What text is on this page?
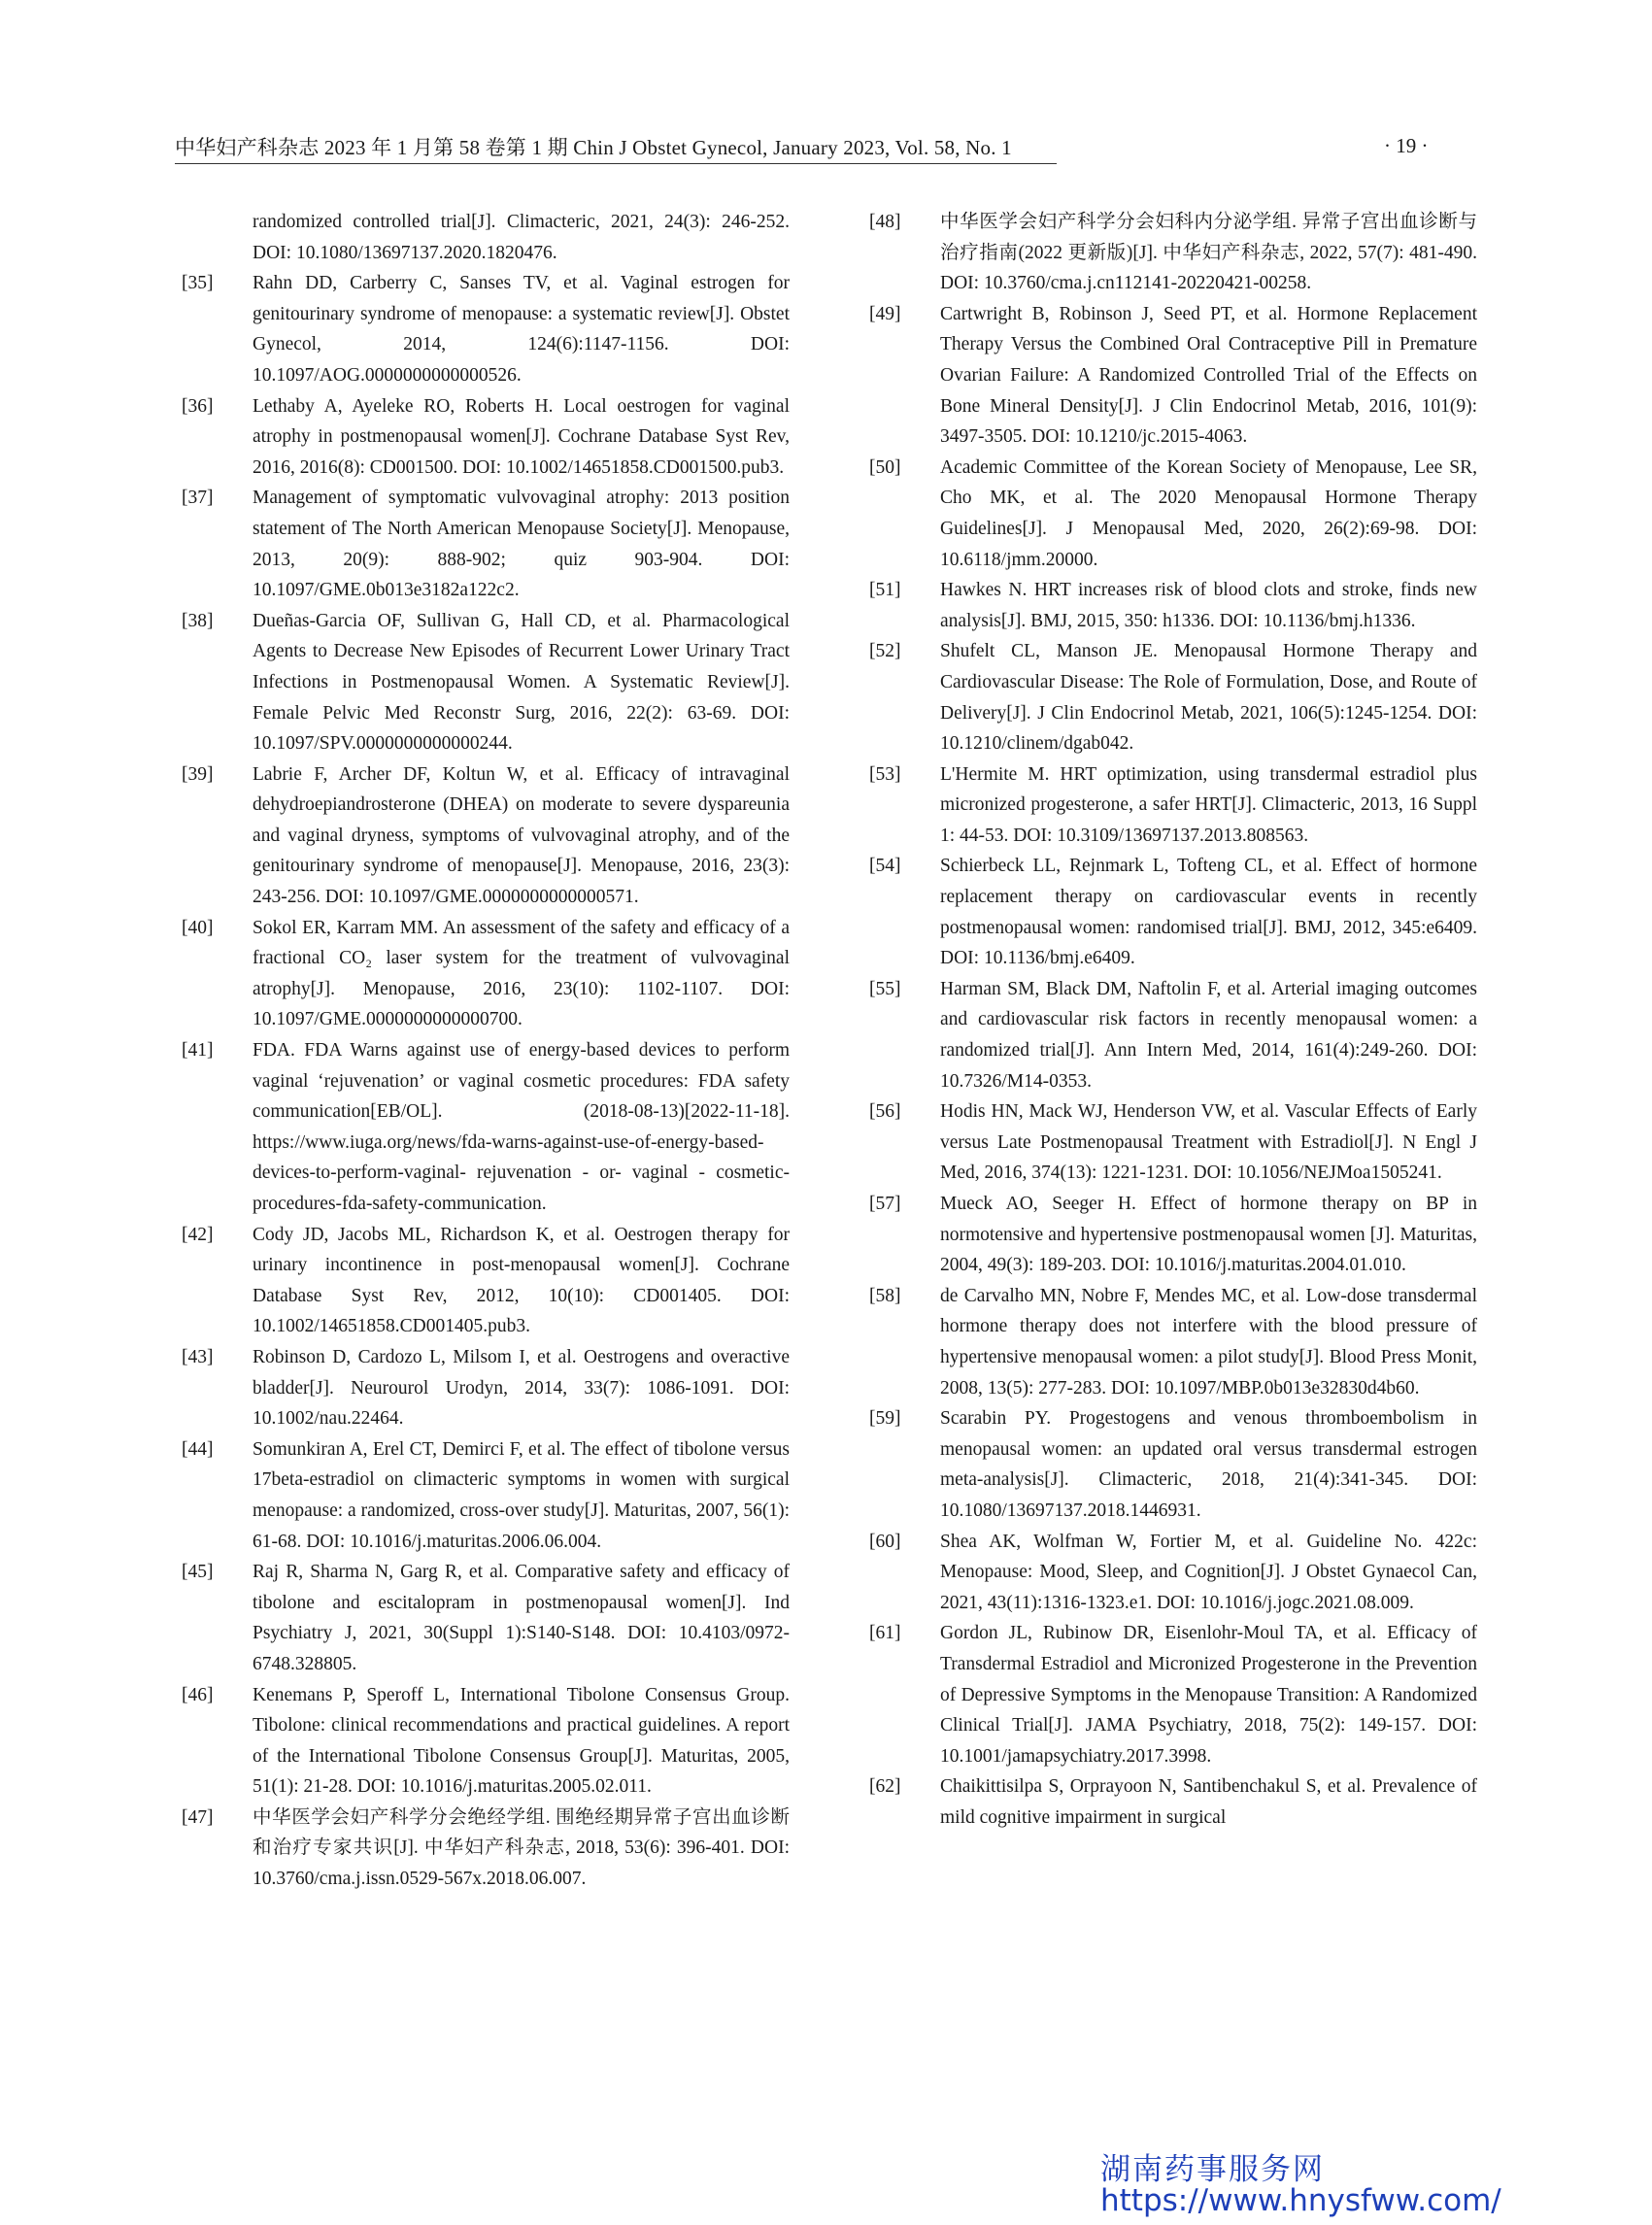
中华妇产科杂志 2023 年 1 月第 58 卷第 1 期 Chin J Obstet Gynecol, January 2023, Vol. 58, No. 1	· 19 ·
randomized controlled trial[J]. Climacteric, 2021, 24(3): 246-252. DOI: 10.1080/13697137.2020.1820476.
[35] Rahn DD, Carberry C, Sanses TV, et al. Vaginal estrogen for genitourinary syndrome of menopause: a systematic review[J]. Obstet Gynecol, 2014, 124(6):1147-1156. DOI: 10.1097/AOG.0000000000000526.
[36] Lethaby A, Ayeleke RO, Roberts H. Local oestrogen for vaginal atrophy in postmenopausal women[J]. Cochrane Database Syst Rev, 2016, 2016(8): CD001500. DOI: 10.1002/14651858.CD001500.pub3.
[37] Management of symptomatic vulvovaginal atrophy: 2013 position statement of The North American Menopause Society[J]. Menopause, 2013, 20(9): 888-902; quiz 903-904. DOI: 10.1097/GME.0b013e3182a122c2.
[38] Dueñas-Garcia OF, Sullivan G, Hall CD, et al. Pharmacological Agents to Decrease New Episodes of Recurrent Lower Urinary Tract Infections in Postmenopausal Women. A Systematic Review[J]. Female Pelvic Med Reconstr Surg, 2016, 22(2): 63-69. DOI: 10.1097/SPV.0000000000000244.
[39] Labrie F, Archer DF, Koltun W, et al. Efficacy of intravaginal dehydroepiandrosterone (DHEA) on moderate to severe dyspareunia and vaginal dryness, symptoms of vulvovaginal atrophy, and of the genitourinary syndrome of menopause[J]. Menopause, 2016, 23(3): 243-256. DOI: 10.1097/GME.0000000000000571.
[40] Sokol ER, Karram MM. An assessment of the safety and efficacy of a fractional CO₂ laser system for the treatment of vulvovaginal atrophy[J]. Menopause, 2016, 23(10): 1102-1107. DOI: 10.1097/GME.0000000000000700.
[41] FDA. FDA Warns against use of energy-based devices to perform vaginal ‘rejuvenation’ or vaginal cosmetic procedures: FDA safety communication[EB/OL]. (2018-08-13)[2022-11-18]. https://www.iuga.org/news/fda-warns-against-use-of-energy-based-devices-to-perform-vaginal- rejuvenation - or- vaginal - cosmetic- procedures-fda-safety-communication.
[42] Cody JD, Jacobs ML, Richardson K, et al. Oestrogen therapy for urinary incontinence in post-menopausal women[J]. Cochrane Database Syst Rev, 2012, 10(10): CD001405. DOI: 10.1002/14651858.CD001405.pub3.
[43] Robinson D, Cardozo L, Milsom I, et al. Oestrogens and overactive bladder[J]. Neurourol Urodyn, 2014, 33(7): 1086-1091. DOI: 10.1002/nau.22464.
[44] Somunkiran A, Erel CT, Demirci F, et al. The effect of tibolone versus 17beta-estradiol on climacteric symptoms in women with surgical menopause: a randomized, cross-over study[J]. Maturitas, 2007, 56(1): 61-68. DOI: 10.1016/j.maturitas.2006.06.004.
[45] Raj R, Sharma N, Garg R, et al. Comparative safety and efficacy of tibolone and escitalopram in postmenopausal women[J]. Ind Psychiatry J, 2021, 30(Suppl 1):S140-S148. DOI: 10.4103/0972-6748.328805.
[46] Kenemans P, Speroff L, International Tibolone Consensus Group. Tibolone: clinical recommendations and practical guidelines. A report of the International Tibolone Consensus Group[J]. Maturitas, 2005, 51(1): 21-28. DOI: 10.1016/j.maturitas.2005.02.011.
[47] 中华医学会妇产科学分会绝经学组. 围绝经期异常子宫出血诊断和治疗专家共识[J]. 中华妇产科杂志, 2018, 53(6): 396-401. DOI: 10.3760/cma.j.issn.0529-567x.2018.06.007.
[48] 中华医学会妇产科学分会妇科内分泌学组. 异常子宫出血诊断与治疗指南(2022 更新版)[J]. 中华妇产科杂志, 2022, 57(7): 481-490. DOI: 10.3760/cma.j.cn112141-20220421-00258.
[49] Cartwright B, Robinson J, Seed PT, et al. Hormone Replacement Therapy Versus the Combined Oral Contraceptive Pill in Premature Ovarian Failure: A Randomized Controlled Trial of the Effects on Bone Mineral Density[J]. J Clin Endocrinol Metab, 2016, 101(9): 3497-3505. DOI: 10.1210/jc.2015-4063.
[50] Academic Committee of the Korean Society of Menopause, Lee SR, Cho MK, et al. The 2020 Menopausal Hormone Therapy Guidelines[J]. J Menopausal Med, 2020, 26(2):69-98. DOI: 10.6118/jmm.20000.
[51] Hawkes N. HRT increases risk of blood clots and stroke, finds new analysis[J]. BMJ, 2015, 350: h1336. DOI: 10.1136/bmj.h1336.
[52] Shufelt CL, Manson JE. Menopausal Hormone Therapy and Cardiovascular Disease: The Role of Formulation, Dose, and Route of Delivery[J]. J Clin Endocrinol Metab, 2021, 106(5):1245-1254. DOI: 10.1210/clinem/dgab042.
[53] L'Hermite M. HRT optimization, using transdermal estradiol plus micronized progesterone, a safer HRT[J]. Climacteric, 2013, 16 Suppl 1: 44-53. DOI: 10.3109/13697137.2013.808563.
[54] Schierbeck LL, Rejnmark L, Tofteng CL, et al. Effect of hormone replacement therapy on cardiovascular events in recently postmenopausal women: randomised trial[J]. BMJ, 2012, 345:e6409. DOI: 10.1136/bmj.e6409.
[55] Harman SM, Black DM, Naftolin F, et al. Arterial imaging outcomes and cardiovascular risk factors in recently menopausal women: a randomized trial[J]. Ann Intern Med, 2014, 161(4):249-260. DOI: 10.7326/M14-0353.
[56] Hodis HN, Mack WJ, Henderson VW, et al. Vascular Effects of Early versus Late Postmenopausal Treatment with Estradiol[J]. N Engl J Med, 2016, 374(13): 1221-1231. DOI: 10.1056/NEJMoa1505241.
[57] Mueck AO, Seeger H. Effect of hormone therapy on BP in normotensive and hypertensive postmenopausal women [J]. Maturitas, 2004, 49(3): 189-203. DOI: 10.1016/j.maturitas.2004.01.010.
[58] de Carvalho MN, Nobre F, Mendes MC, et al. Low-dose transdermal hormone therapy does not interfere with the blood pressure of hypertensive menopausal women: a pilot study[J]. Blood Press Monit, 2008, 13(5): 277-283. DOI: 10.1097/MBP.0b013e32830d4b60.
[59] Scarabin PY. Progestogens and venous thromboembolism in menopausal women: an updated oral versus transdermal estrogen meta-analysis[J]. Climacteric, 2018, 21(4):341-345. DOI: 10.1080/13697137.2018.1446931.
[60] Shea AK, Wolfman W, Fortier M, et al. Guideline No. 422c: Menopause: Mood, Sleep, and Cognition[J]. J Obstet Gynaecol Can, 2021, 43(11):1316-1323.e1. DOI: 10.1016/j.jogc.2021.08.009.
[61] Gordon JL, Rubinow DR, Eisenlohr-Moul TA, et al. Efficacy of Transdermal Estradiol and Micronized Progesterone in the Prevention of Depressive Symptoms in the Menopause Transition: A Randomized Clinical Trial[J]. JAMA Psychiatry, 2018, 75(2): 149-157. DOI: 10.1001/jamapsychiatry.2017.3998.
[62] Chaikittisilpa S, Orprayoon N, Santibenchakul S, et al. Prevalence of mild cognitive impairment in surgical
湖南药事服务网
https://www.hnysfww.com/
